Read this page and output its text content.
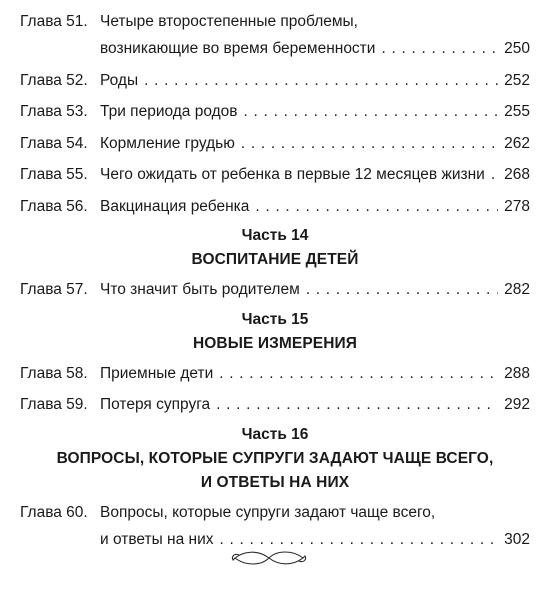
Глава 51. Четыре второстепенные проблемы,
возникающие во время беременности . . .	250
Глава 52. Роды . . .	252
Глава 53. Три периода родов . . .	255
Глава 54. Кормление грудью . . .	262
Глава 55. Чего ожидать от ребенка в первые 12 месяцев жизни . . . 268
Глава 56. Вакцинация ребенка . . .	278
Часть 14
ВОСПИТАНИЕ ДЕТЕЙ
Глава 57. Что значит быть родителем . . .	282
Часть 15
НОВЫЕ ИЗМЕРЕНИЯ
Глава 58. Приемные дети . . .	288
Глава 59. Потеря супруга . . .	292
Часть 16
ВОПРОСЫ, КОТОРЫЕ СУПРУГИ ЗАДАЮТ ЧАЩЕ ВСЕГО,
И ОТВЕТЫ НА НИХ
Глава 60. Вопросы, которые супруги задают чаще всего,
и ответы на них . . .	302
